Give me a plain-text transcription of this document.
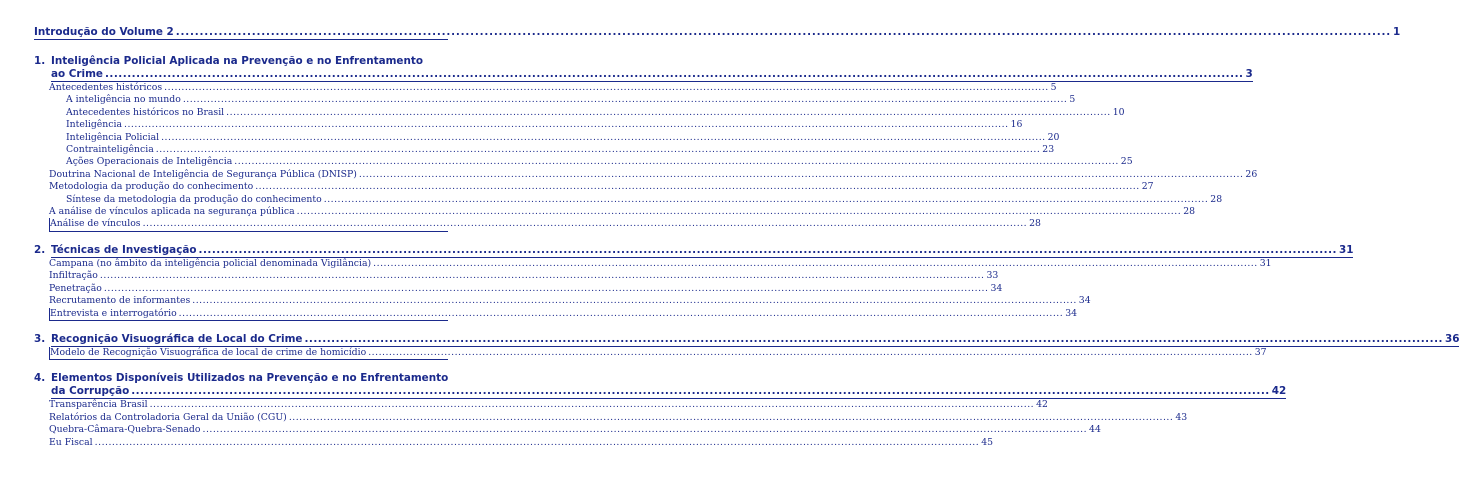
Introdução do Volume 2 .....	1
1. Inteligência Policial Aplicada na Prevenção e no Enfrentamento
ao Crime .....	3
Antecedentes históricos .....	5
A inteligência no mundo .....	5
Antecedentes históricos no Brasil .....	10
Inteligência .....	16
Inteligência Policial .....	20
Contrainteligência .....	23
Ações Operacionais de Inteligência .....	25
Doutrina Nacional de Inteligência de Segurança Pública (DNISP) .....	26
Metodologia da produção do conhecimento .....	27
Síntese da metodologia da produção do conhecimento .....	28
A análise de vínculos aplicada na segurança pública .....	28
Análise de vínculos .....	28
2. Técnicas de Investigação .....	31
Campana (no âmbito da inteligência policial denominada Vigilância) .....	31
Infiltração .....	33
Penetração .....	34
Recrutamento de informantes .....	34
Entrevista e interrogatório .....	34
3. Recognição Visuográfica de Local do Crime .....	36
Modelo de Recognição Visuográfica de local de crime de homicídio .....	37
4. Elementos Disponíveis Utilizados na Prevenção e no Enfrentamento
da Corrupção .....	42
Transparência Brasil .....	42
Relatórios da Controladoria Geral da União (CGU) .....	43
Quebra-Câmara-Quebra-Senado .....	44
Eu Fiscal .....	45
